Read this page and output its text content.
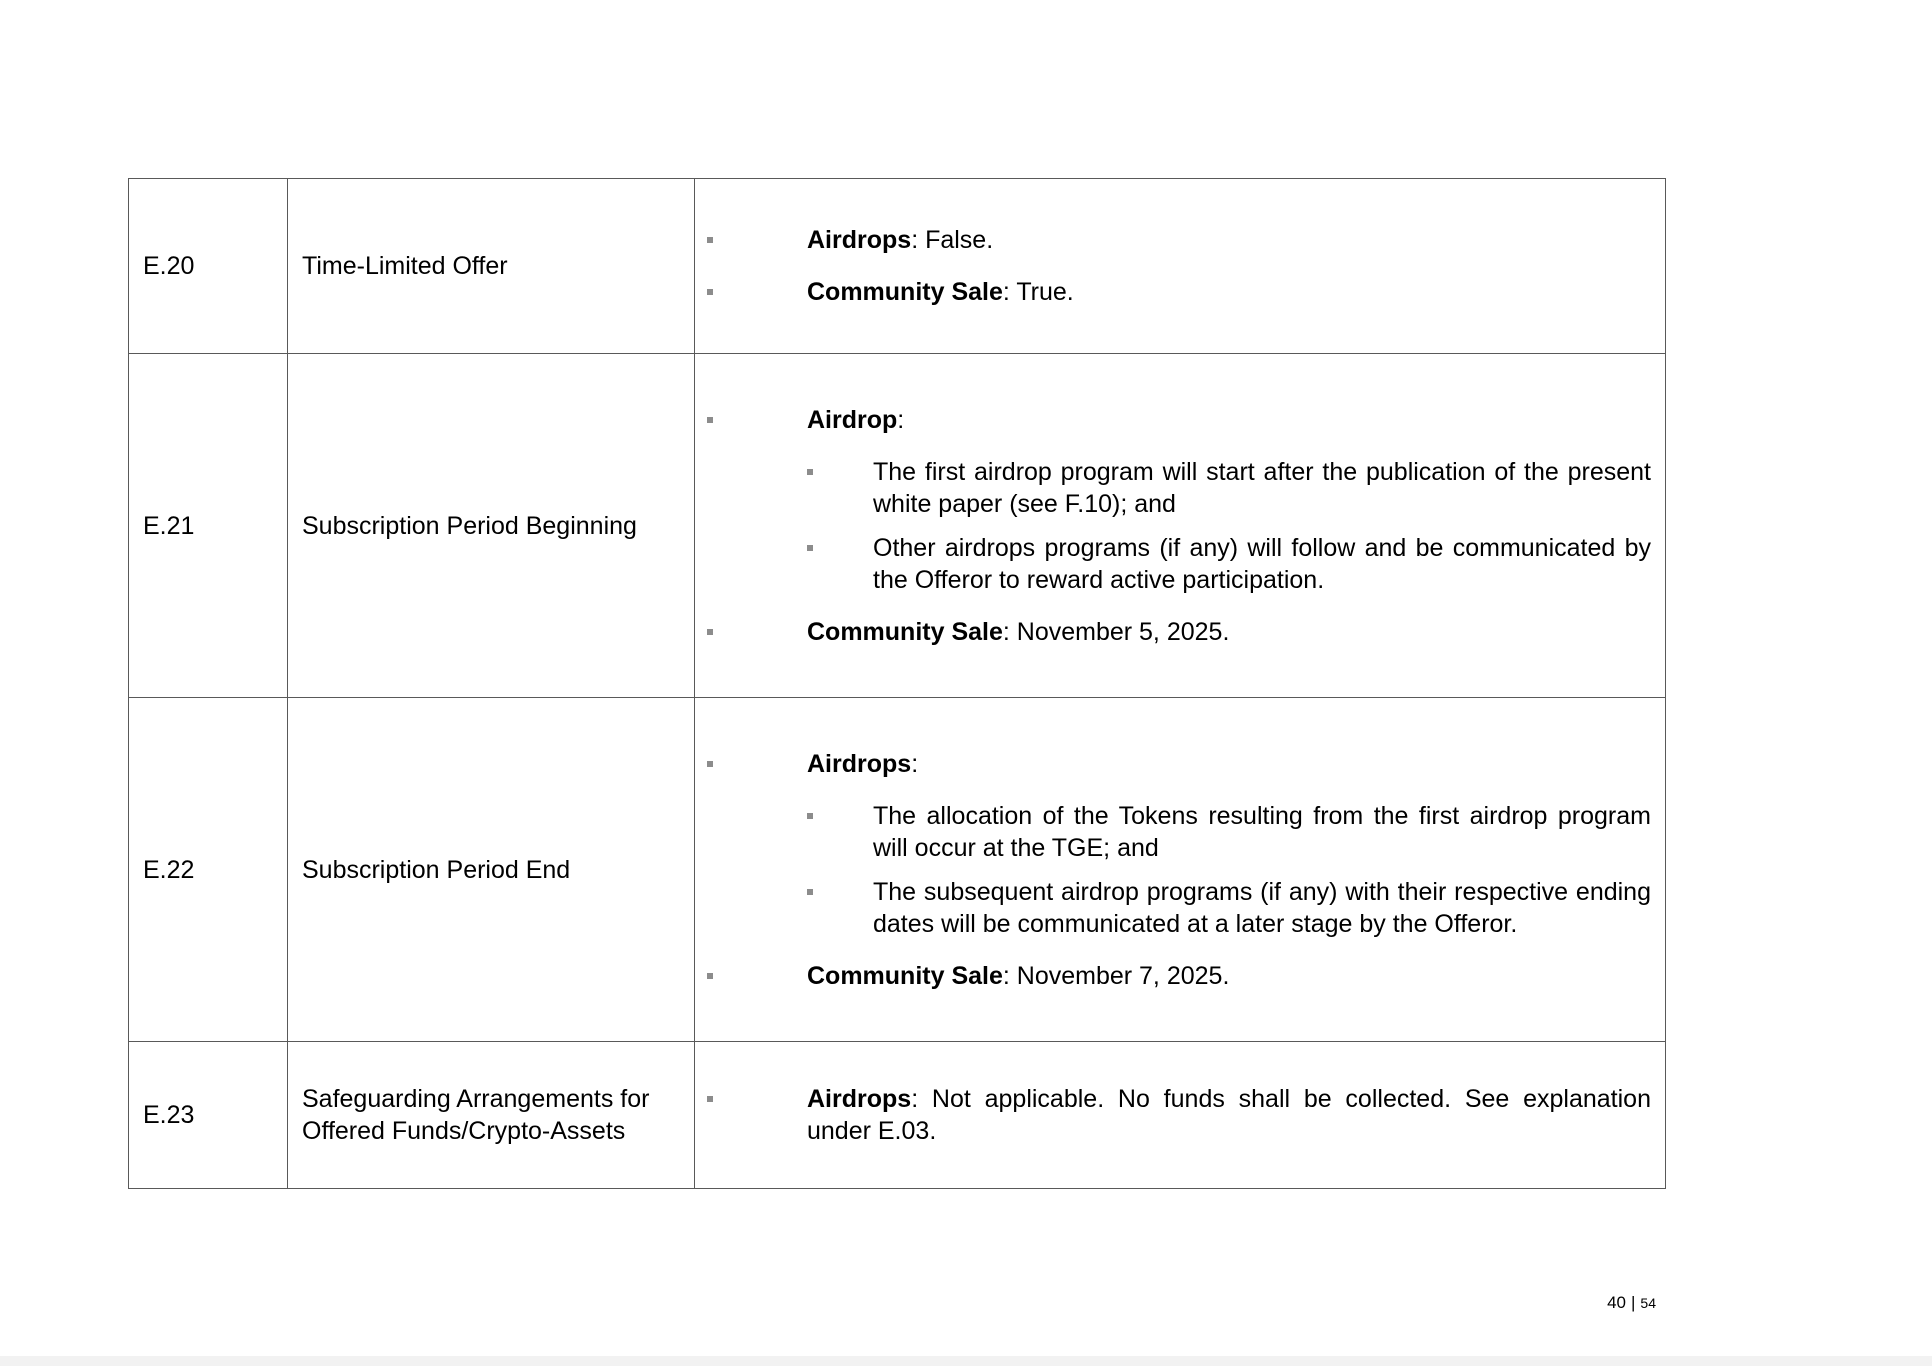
E.20	Time-Limited Offer	Airdrops: False.
Community Sale: True.

E.21	Subscription Period Beginning	Airdrop:
The first airdrop program will start after the publication of the present white paper (see F.10); and
Other airdrops programs (if any) will follow and be communicated by the Offeror to reward active participation.
Community Sale: November 5, 2025.

E.22	Subscription Period End	Airdrops:
The allocation of the Tokens resulting from the first airdrop program will occur at the TGE; and
The subsequent airdrop programs (if any) with their respective ending dates will be communicated at a later stage by the Offeror.
Community Sale: November 7, 2025.

E.23	Safeguarding Arrangements for Offered Funds/Crypto-Assets	Airdrops: Not applicable. No funds shall be collected. See explanation under E.03.
40 | 54
